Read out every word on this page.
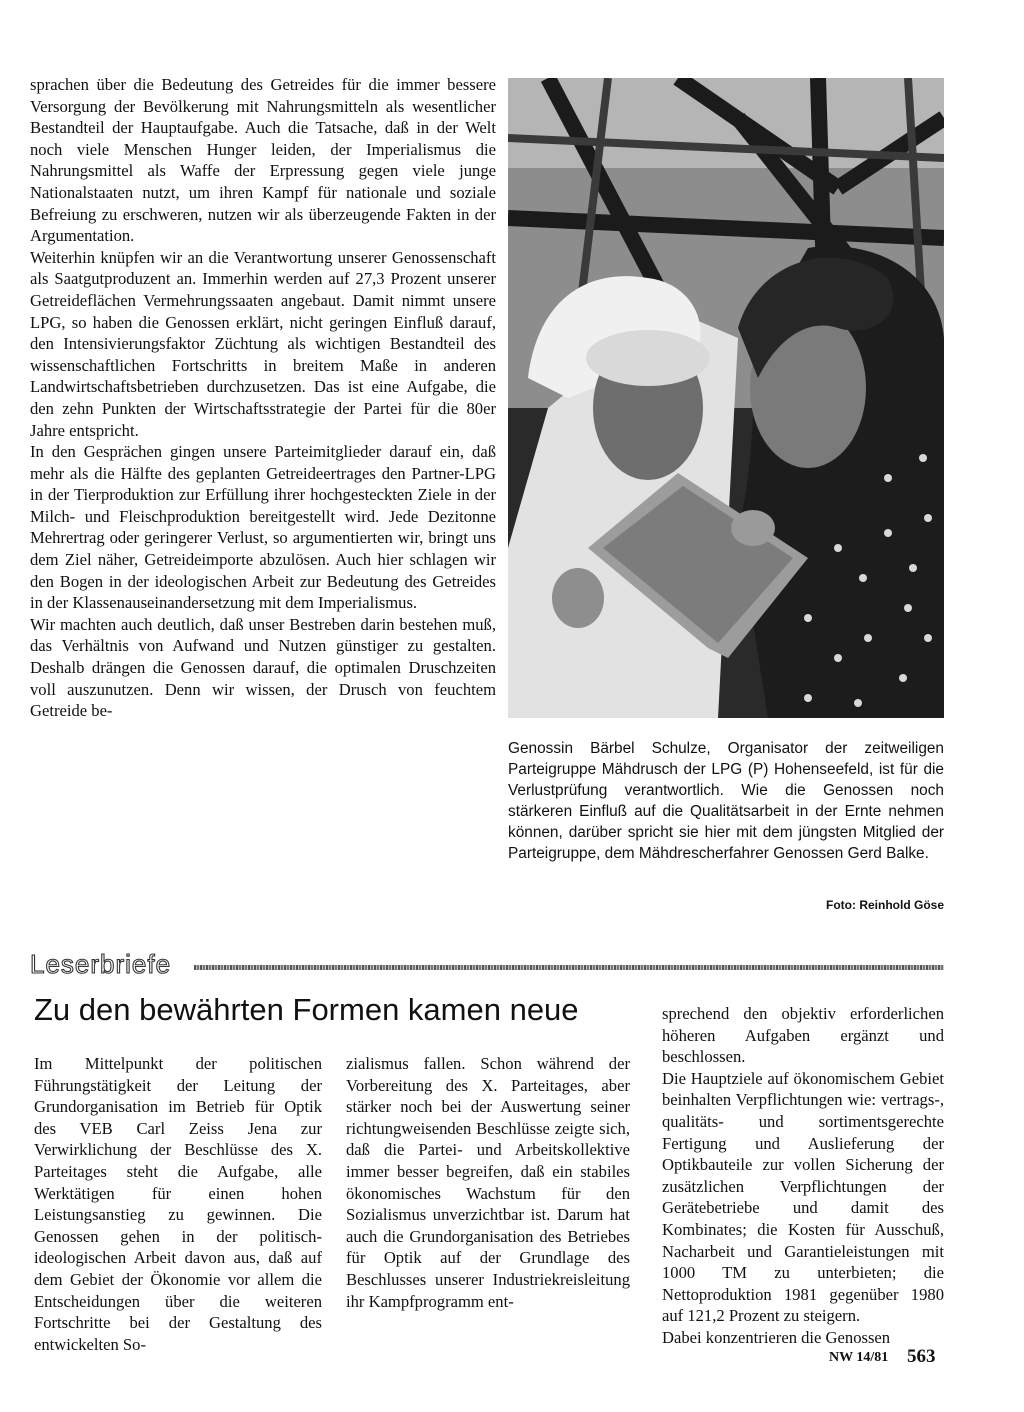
sprachen über die Bedeutung des Getreides für die immer bessere Versorgung der Bevölkerung mit Nahrungsmitteln als wesentlicher Bestandteil der Hauptaufgabe. Auch die Tatsache, daß in der Welt noch viele Menschen Hunger leiden, der Imperialismus die Nahrungsmittel als Waffe der Erpressung gegen viele junge Nationalstaaten nutzt, um ihren Kampf für nationale und soziale Befreiung zu erschweren, nutzen wir als überzeugende Fakten in der Argumentation.

Weiterhin knüpfen wir an die Verantwortung unserer Genossenschaft als Saatgutproduzent an. Immerhin werden auf 27,3 Prozent unserer Getreideflächen Vermehrungssaaten angebaut. Damit nimmt unsere LPG, so haben die Genossen erklärt, nicht geringen Einfluß darauf, den Intensivierungsfaktor Züchtung als wichtigen Bestandteil des wissenschaftlichen Fortschritts in breitem Maße in anderen Landwirtschaftsbetrieben durchzusetzen. Das ist eine Aufgabe, die den zehn Punkten der Wirtschaftsstrategie der Partei für die 80er Jahre entspricht.

In den Gesprächen gingen unsere Parteimitglieder darauf ein, daß mehr als die Hälfte des geplanten Getreideertrages den Partner-LPG in der Tierproduktion zur Erfüllung ihrer hochgesteckten Ziele in der Milch- und Fleischproduktion bereitgestellt wird. Jede Dezitonne Mehrertrag oder geringerer Verlust, so argumentierten wir, bringt uns dem Ziel näher, Getreideimporte abzulösen. Auch hier schlagen wir den Bogen in der ideologischen Arbeit zur Bedeutung des Getreides in der Klassenauseinandersetzung mit dem Imperialismus.

Wir machten auch deutlich, daß unser Bestreben darin bestehen muß, das Verhältnis von Aufwand und Nutzen günstiger zu gestalten. Deshalb drängen die Genossen darauf, die optimalen Druschzeiten voll auszunutzen. Denn wir wissen, der Drusch von feuchtem Getreide be-

Genossin Bärbel Schulze, Organisator der zeitweiligen Parteigruppe Mähdrusch der LPG (P) Hohenseefeld, ist für die Verlustprüfung verantwortlich. Wie die Genossen noch stärkeren Einfluß auf die Qualitätsarbeit in der Ernte nehmen können, darüber spricht sie hier mit dem jüngsten Mitglied der Parteigruppe, dem Mähdrescherfahrer Genossen Gerd Balke.
Foto: Reinhold Göse
Leserbriefe
Zu den bewährten Formen kamen neue

Im Mittelpunkt der politischen Führungstätigkeit der Leitung der Grundorganisation im Betrieb für Optik des VEB Carl Zeiss Jena zur Verwirklichung der Beschlüsse des X. Parteitages steht die Aufgabe, alle Werktätigen für einen hohen Leistungsanstieg zu gewinnen. Die Genossen gehen in der politisch-ideologischen Arbeit davon aus, daß auf dem Gebiet der Ökonomie vor allem die Entscheidungen über die weiteren Fortschritte bei der Gestaltung des entwickelten So-

zialismus fallen. Schon während der Vorbereitung des X. Parteitages, aber stärker noch bei der Auswertung seiner richtungweisenden Beschlüsse zeigte sich, daß die Partei- und Arbeitskollektive immer besser begreifen, daß ein stabiles ökonomisches Wachstum für den Sozialismus unverzichtbar ist. Darum hat auch die Grundorganisation des Betriebes für Optik auf der Grundlage des Beschlusses unserer Industriekreisleitung ihr Kampfprogramm ent-

sprechend den objektiv erforderlichen höheren Aufgaben ergänzt und beschlossen.

Die Hauptziele auf ökonomischem Gebiet beinhalten Verpflichtungen wie: vertrags-, qualitäts- und sortimentsgerechte Fertigung und Auslieferung der Optikbauteile zur vollen Sicherung der zusätzlichen Verpflichtungen der Gerätebetriebe und damit des Kombinates; die Kosten für Ausschuß, Nacharbeit und Garantieleistungen mit 1000 TM zu unterbieten; die Nettoproduktion 1981 gegenüber 1980 auf 121,2 Prozent zu steigern.

Dabei konzentrieren die Genossen

NW 14/81 563
